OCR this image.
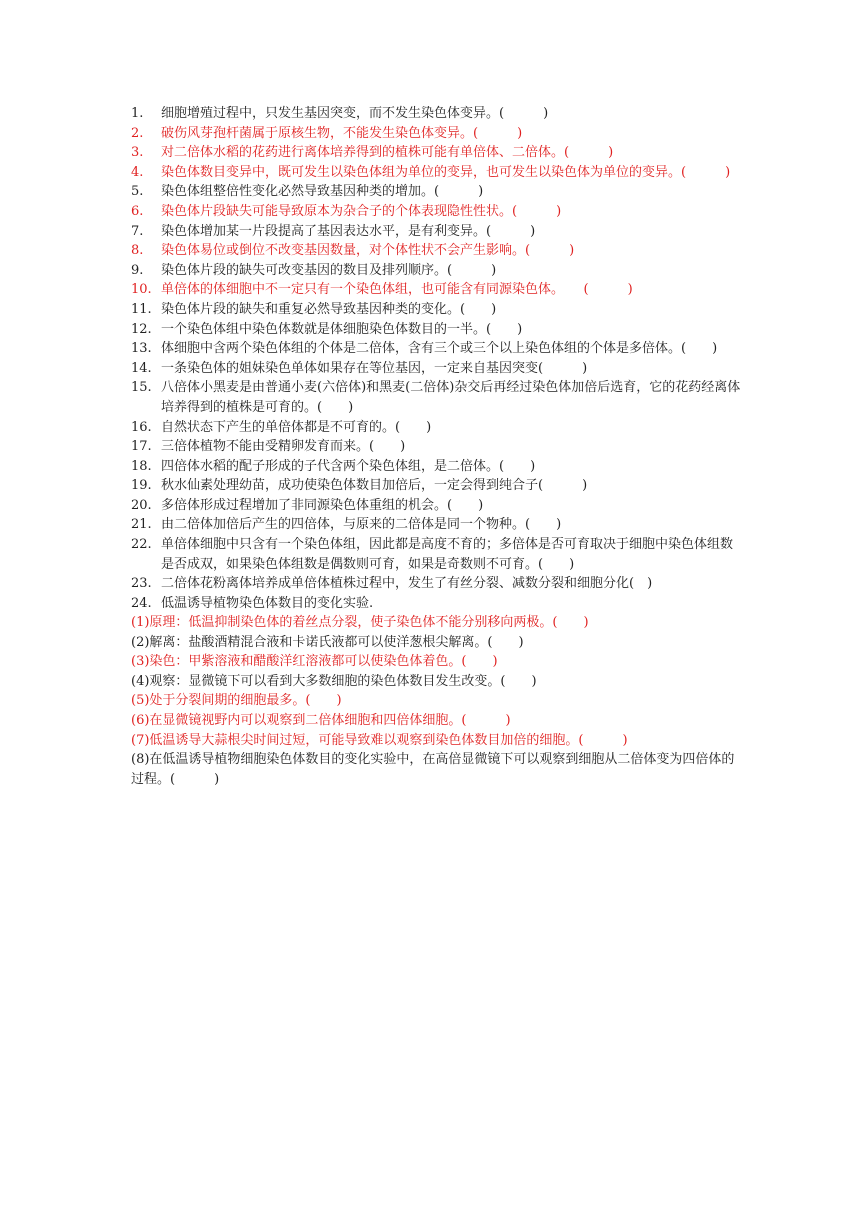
1.	细胞增殖过程中，只发生基因突变，而不发生染色体变异。(　　　)
2.	破伤风芽孢杆菌属于原核生物，不能发生染色体变异。(　　　)
3.	对二倍体水稻的花药进行离体培养得到的植株可能有单倍体、二倍体。(　　　)
4.	染色体数目变异中，既可发生以染色体组为单位的变异，也可发生以染色体为单位的变异。(　　　)
5.	染色体组整倍性变化必然导致基因种类的增加。(　　　)
6.	染色体片段缺失可能导致原本为杂合子的个体表现隐性性状。(　　　)
7.	染色体增加某一片段提高了基因表达水平，是有利变异。(　　　)
8.	染色体易位或倒位不改变基因数量，对个体性状不会产生影响。(　　　)
9.	染色体片段的缺失可改变基因的数目及排列顺序。(　　　)
10. 单倍体的体细胞中不一定只有一个染色体组，也可能含有同源染色体。　　(　　　)
11. 染色体片段的缺失和重复必然导致基因种类的变化。(　　)
12. 一个染色体组中染色体数就是体细胞染色体数目的一半。(　　)
13. 体细胞中含两个染色体组的个体是二倍体，含有三个或三个以上染色体组的个体是多倍体。(　　)
14. 一条染色体的姐妹染色单体如果存在等位基因，一定来自基因突变(　　　)
15. 八倍体小黑麦是由普通小麦(六倍体)和黑麦(二倍体)杂交后再经过染色体加倍后选育，它的花药经离体培养得到的植株是可育的。(　　)
16. 自然状态下产生的单倍体都是不可育的。(　　)
17. 三倍体植物不能由受精卵发育而来。(　　)
18. 四倍体水稻的配子形成的子代含两个染色体组，是二倍体。(　　)
19. 秋水仙素处理幼苗，成功使染色体数目加倍后，一定会得到纯合子(　　　)
20. 多倍体形成过程增加了非同源染色体重组的机会。(　　)
21. 由二倍体加倍后产生的四倍体，与原来的二倍体是同一个物种。(　　)
22. 单倍体细胞中只含有一个染色体组，因此都是高度不育的；多倍体是否可育取决于细胞中染色体组数是否成双，如果染色体组数是偶数则可育，如果是奇数则不可育。(　　)
23. 二倍体花粉离体培养成单倍体植株过程中，发生了有丝分裂、减数分裂和细胞分化(　)
24. 低温诱导植物染色体数目的变化实验.
(1)原理：低温抑制染色体的着丝点分裂，使子染色体不能分别移向两极。(　　)
(2)解离：盐酸酒精混合液和卡诺氏液都可以使洋葱根尖解离。(　　)
(3)染色：甲紫溶液和醋酸洋红溶液都可以使染色体着色。(　　)
(4)观察：显微镜下可以看到大多数细胞的染色体数目发生改变。(　　)
(5)处于分裂间期的细胞最多。(　　)
(6)在显微镜视野内可以观察到二倍体细胞和四倍体细胞。(　　　)
(7)低温诱导大蒜根尖时间过短，可能导致难以观察到染色体数目加倍的细胞。(　　　)
(8)在低温诱导植物细胞染色体数目的变化实验中，在高倍显微镜下可以观察到细胞从二倍体变为四倍体的过程。(　　　)
